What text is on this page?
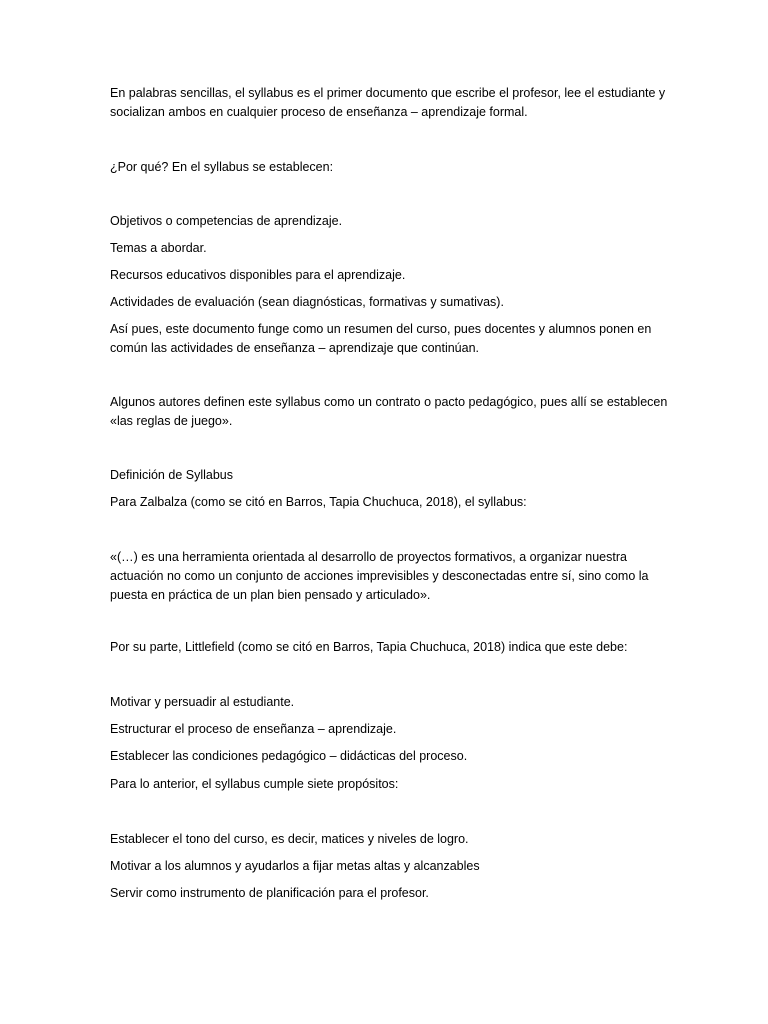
En palabras sencillas, el syllabus es el primer documento que escribe el profesor, lee el estudiante y socializan ambos en cualquier proceso de enseñanza – aprendizaje formal.

¿Por qué? En el syllabus se establecen:

Objetivos o competencias de aprendizaje.

Temas a abordar.

Recursos educativos disponibles para el aprendizaje.

Actividades de evaluación (sean diagnósticas, formativas y sumativas).

Así pues, este documento funge como un resumen del curso, pues docentes y alumnos ponen en común las actividades de enseñanza – aprendizaje que continúan.

Algunos autores definen este syllabus como un contrato o pacto pedagógico, pues allí se establecen «las reglas de juego».

Definición de Syllabus

Para Zalbalza (como se citó en Barros, Tapia Chuchuca, 2018), el syllabus:

«(…) es una herramienta orientada al desarrollo de proyectos formativos, a organizar nuestra actuación no como un conjunto de acciones imprevisibles y desconectadas entre sí, sino como la puesta en práctica de un plan bien pensado y articulado».

Por su parte, Littlefield (como se citó en Barros, Tapia Chuchuca, 2018) indica que este debe:

Motivar y persuadir al estudiante.

Estructurar el proceso de enseñanza – aprendizaje.

Establecer las condiciones pedagógico – didácticas del proceso.

Para lo anterior, el syllabus cumple siete propósitos:

Establecer el tono del curso, es decir, matices y niveles de logro.

Motivar a los alumnos y ayudarlos a fijar metas altas y alcanzables

Servir como instrumento de planificación para el profesor.
